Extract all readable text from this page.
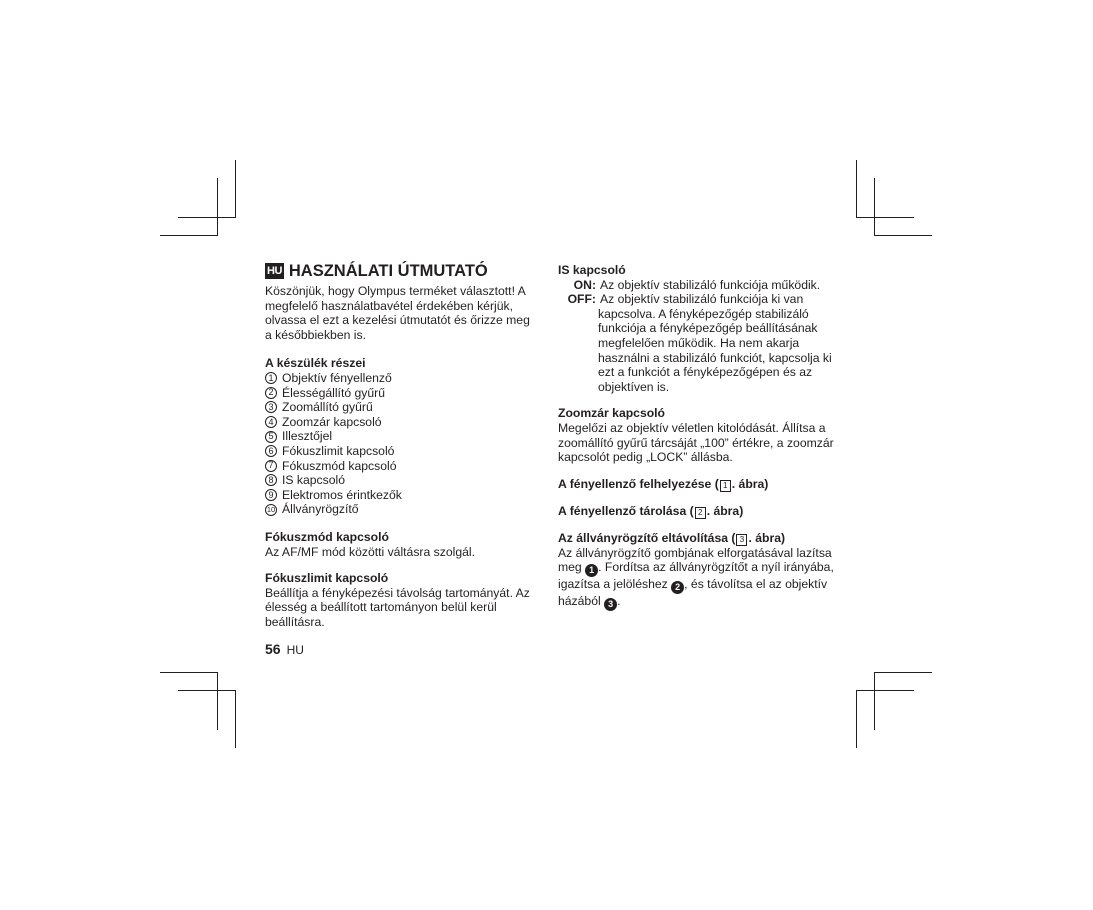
HU HASZNÁLATI ÚTMUTATÓ

Köszönjük, hogy Olympus terméket választott! A megfelelő használatbavétel érdekében kérjük, olvassa el ezt a kezelési útmutatót és őrizze meg a későbbiekben is.

A készülék részei

1 Objektív fényellenző
2 Élességállító gyűrű
3 Zoomállító gyűrű
4 Zoomzár kapcsoló
5 Illesztőjel
6 Fókuszlimit kapcsoló
7 Fókuszmód kapcsoló
8 IS kapcsoló
9 Elektromos érintkezők
10 Állványrögzítő

Fókuszmód kapcsoló

Az AF/MF mód közötti váltásra szolgál.

Fókuszlimit kapcsoló

Beállítja a fényképezési távolság tartományát. Az élesség a beállított tartományon belül kerül beállításra.

IS kapcsoló

ON: Az objektív stabilizáló funkciója működik.
OFF: Az objektív stabilizáló funkciója ki van
kapcsolva. A fényképezőgép stabilizáló funkciója a fényképezőgép beállításának megfelelően működik. Ha nem akarja használni a stabilizáló funkciót, kapcsolja ki ezt a funkciót a fényképezőgépen és az objektíven is.

Zoomzár kapcsoló

Megelőzi az objektív véletlen kitolódását. Állítsa a zoomállító gyűrű tárcsáját „100” értékre, a zoomzár kapcsolót pedig „LOCK” állásba.

A fényellenző felhelyezése ( 1 . ábra)

A fényellenző tárolása ( 2 . ábra)

Az állványrögzítő eltávolítása ( 3 . ábra)

Az állványrögzítő gombjának elforgatásával lazítsa meg 1 . Fordítsa az állványrögzítőt a nyíl irányába, igazítsa a jelöléshez 2 , és távolítsa el az objektív házából 3 .

56 HU
